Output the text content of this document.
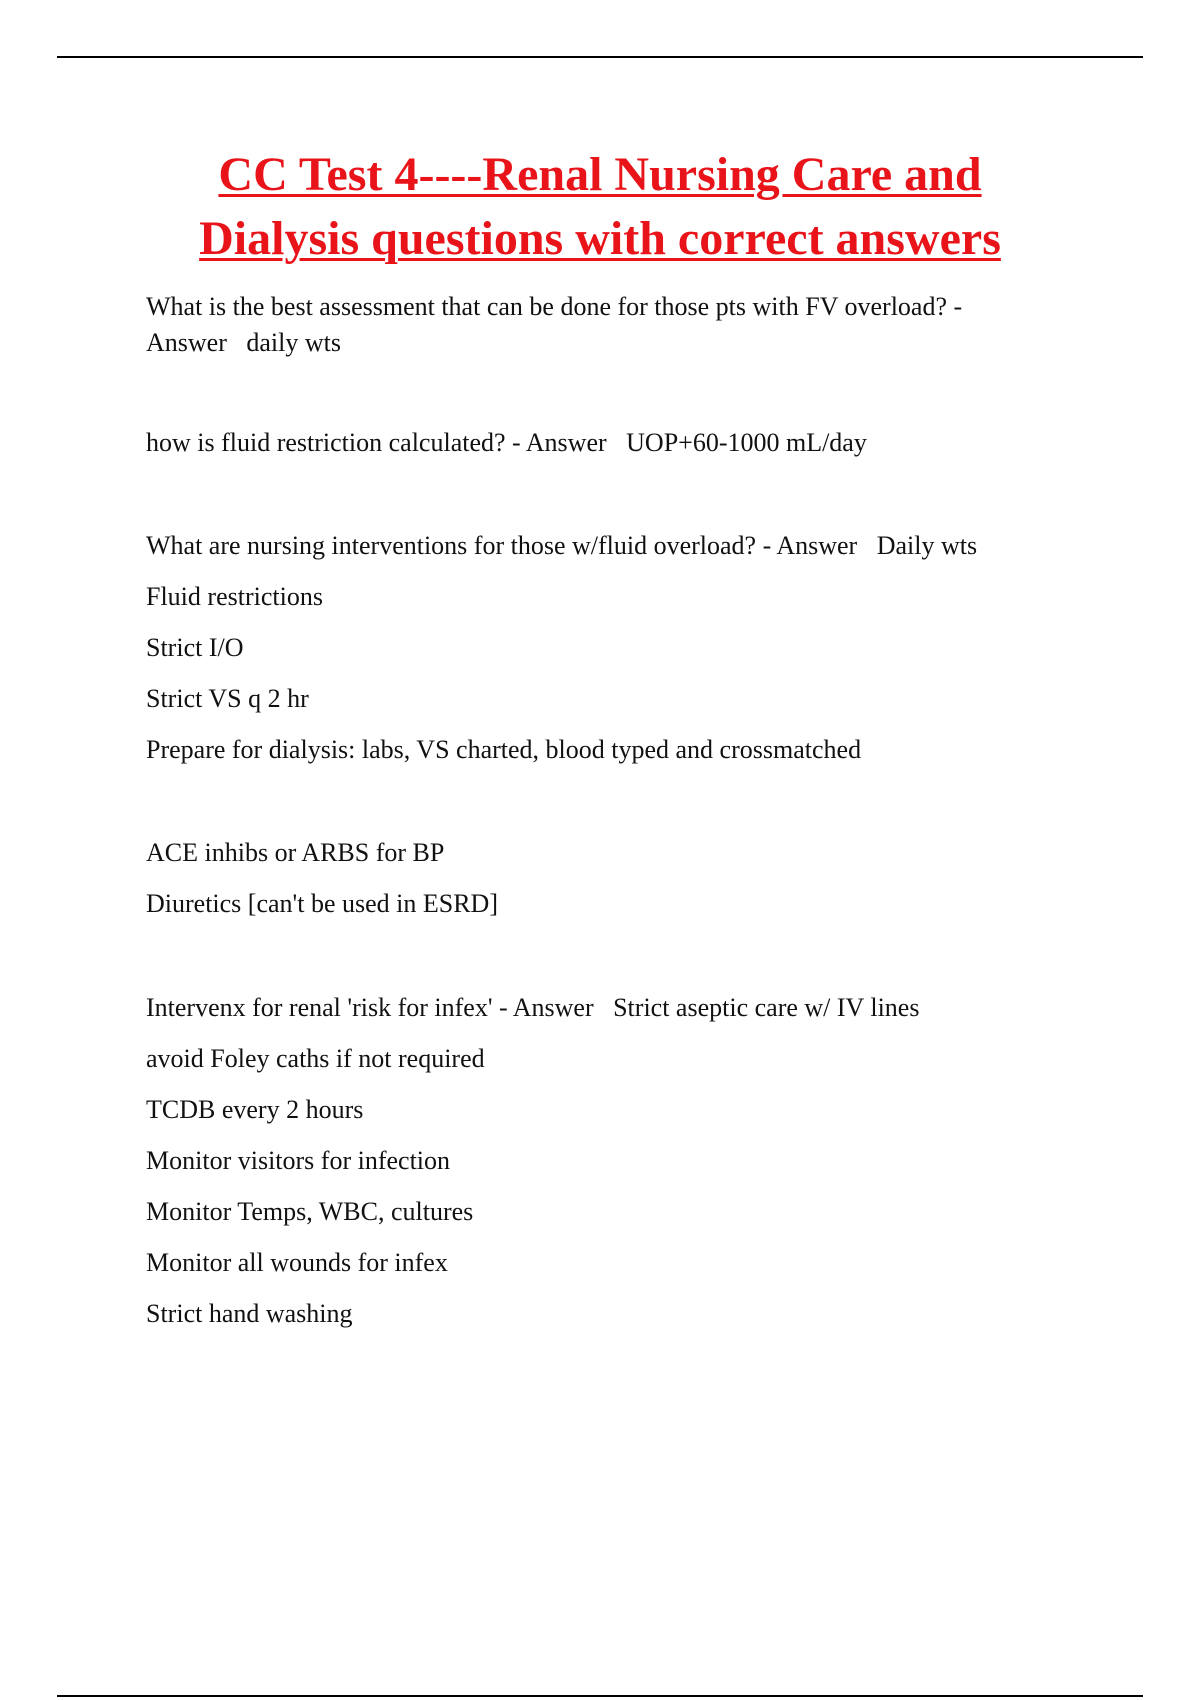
CC Test 4----Renal Nursing Care and
Dialysis questions with correct answers

What is the best assessment that can be done for those pts with FV overload? -

Answer   daily wts

how is fluid restriction calculated? - Answer   UOP+60-1000 mL/day

What are nursing interventions for those w/fluid overload? - Answer   Daily wts

Fluid restrictions

Strict I/O

Strict VS q 2 hr

Prepare for dialysis: labs, VS charted, blood typed and crossmatched

ACE inhibs or ARBS for BP

Diuretics [can't be used in ESRD]

Intervenx for renal 'risk for infex' - Answer   Strict aseptic care w/ IV lines

avoid Foley caths if not required

TCDB every 2 hours

Monitor visitors for infection

Monitor Temps, WBC, cultures

Monitor all wounds for infex

Strict hand washing
